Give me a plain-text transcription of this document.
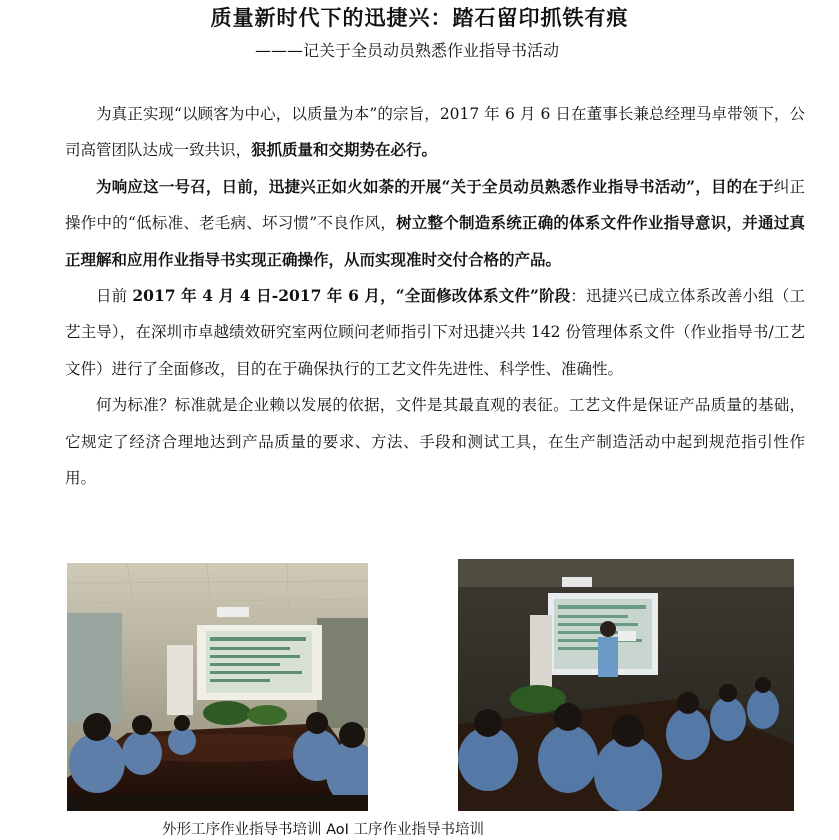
质量新时代下的迅捷兴：踏石留印抓铁有痕
———记关于全员动员熟悉作业指导书活动

为真正实现“以顾客为中心，以质量为本”的宗旨，2017 年 6 月 6 日在董事长兼总经理马卓带领下，公司高管团队达成一致共识，狠抓质量和交期势在必行。

为响应这一号召，日前，迅捷兴正如火如荼的开展“关于全员动员熟悉作业指导书活动”，目的在于纠正操作中的“低标准、老毛病、坏习惯”不良作风，树立整个制造系统正确的体系文件作业指导意识，并通过真正理解和应用作业指导书实现正确操作，从而实现准时交付合格的产品。

日前 2017 年 4 月 4 日-2017 年 6 月，“全面修改体系文件”阶段：迅捷兴已成立体系改善小组（工艺主导），在深圳市卓越绩效研究室两位顾问老师指引下对迅捷兴共 142 份管理体系文件（作业指导书/工艺文件）进行了全面修改，目的在于确保执行的工艺文件先进性、科学性、准确性。

何为标准？标准就是企业赖以发展的依据，文件是其最直观的表征。工艺文件是保证产品质量的基础，它规定了经济合理地达到产品质量的要求、方法、手段和测试工具，在生产制造活动中起到规范指引性作用。

外形工序作业指导书培训 AoI 工序作业指导书培训
